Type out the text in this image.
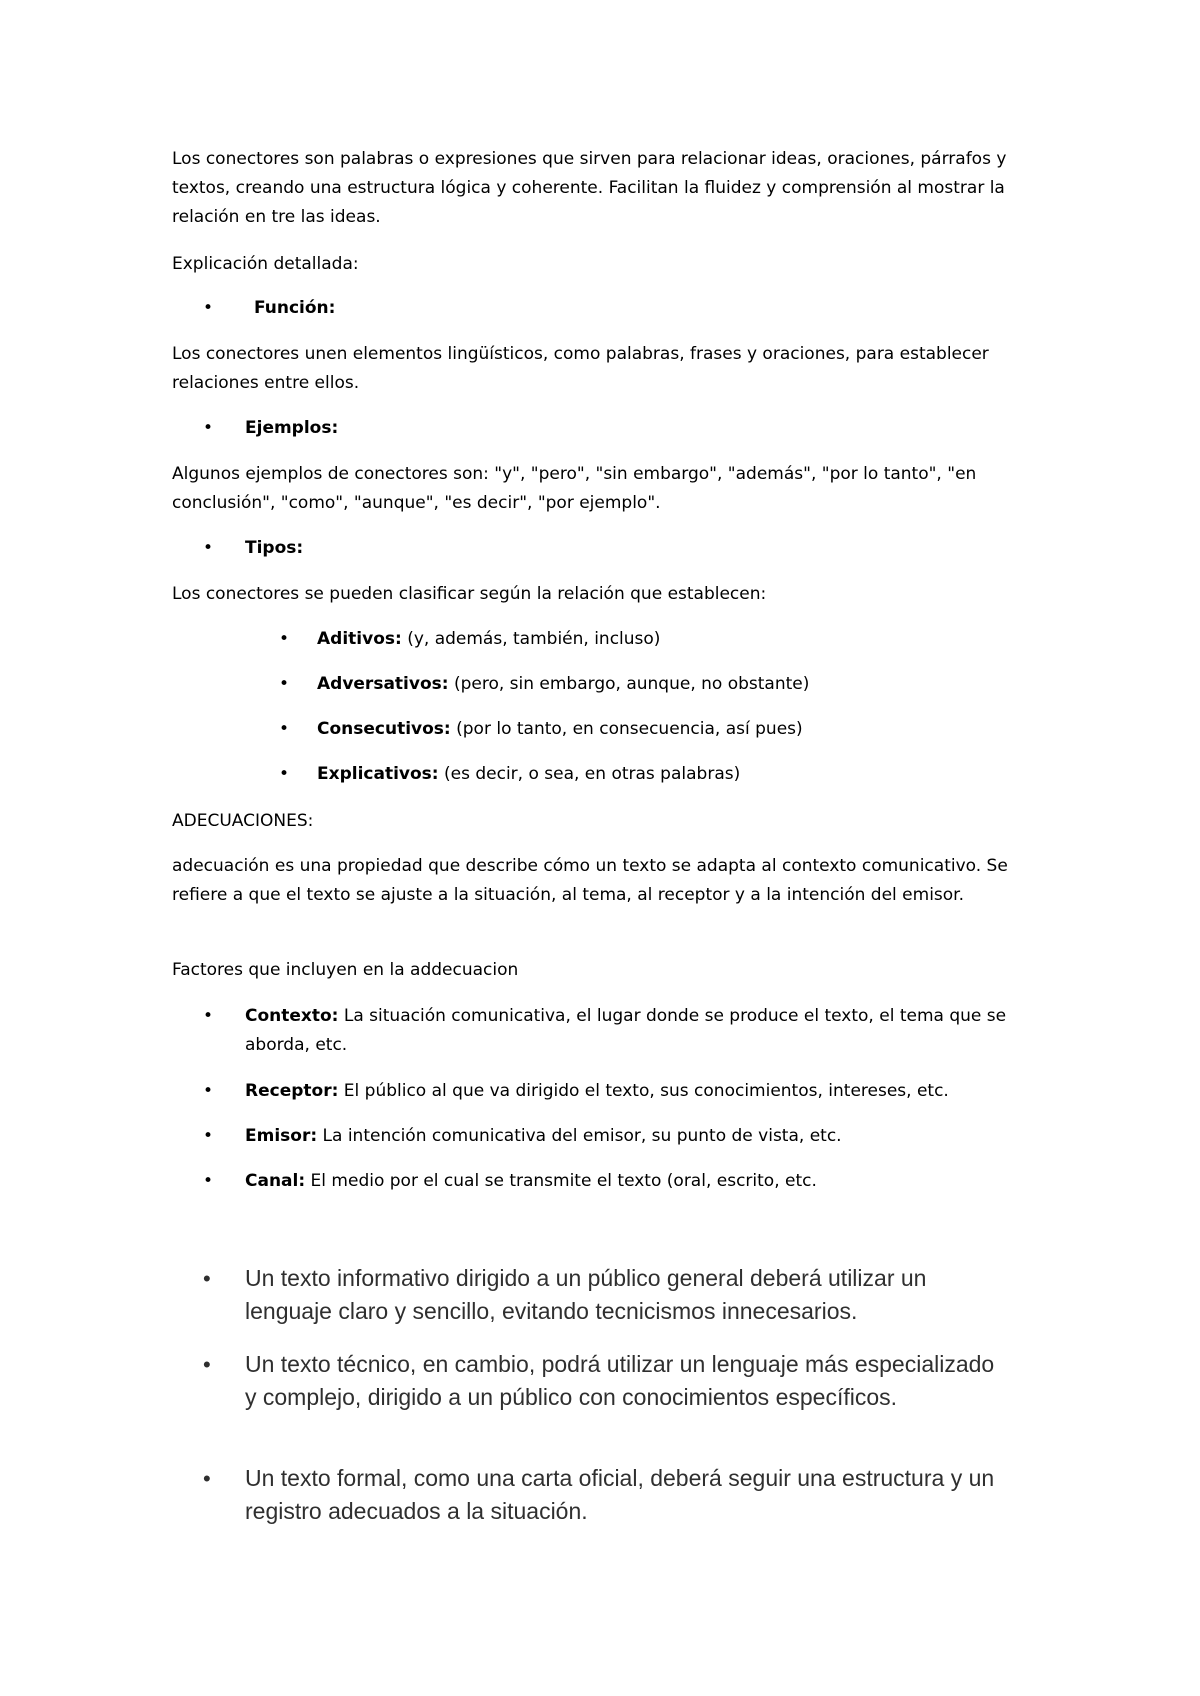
Los conectores son palabras o expresiones que sirven para relacionar ideas, oraciones, párrafos y textos, creando una estructura lógica y coherente. Facilitan la fluidez y comprensión al mostrar la relación en tre las ideas.

Explicación detallada:

• Función:

Los conectores unen elementos lingüísticos, como palabras, frases y oraciones, para establecer relaciones entre ellos.

• Ejemplos:

Algunos ejemplos de conectores son: "y", "pero", "sin embargo", "además", "por lo tanto", "en conclusión", "como", "aunque", "es decir", "por ejemplo".

• Tipos:

Los conectores se pueden clasificar según la relación que establecen:

• Aditivos: (y, además, también, incluso)

• Adversativos: (pero, sin embargo, aunque, no obstante)

• Consecutivos: (por lo tanto, en consecuencia, así pues)

• Explicativos: (es decir, o sea, en otras palabras)

ADECUACIONES:

adecuación es una propiedad que describe cómo un texto se adapta al contexto comunicativo. Se refiere a que el texto se ajuste a la situación, al tema, al receptor y a la intención del emisor.

Factores que incluyen en la addecuacion

• Contexto: La situación comunicativa, el lugar donde se produce el texto, el tema que se aborda, etc.

• Receptor: El público al que va dirigido el texto, sus conocimientos, intereses, etc.

• Emisor: La intención comunicativa del emisor, su punto de vista, etc.

• Canal: El medio por el cual se transmite el texto (oral, escrito, etc.

• Un texto informativo dirigido a un público general deberá utilizar un lenguaje claro y sencillo, evitando tecnicismos innecesarios.

• Un texto técnico, en cambio, podrá utilizar un lenguaje más especializado y complejo, dirigido a un público con conocimientos específicos.

• Un texto formal, como una carta oficial, deberá seguir una estructura y un registro adecuados a la situación.
